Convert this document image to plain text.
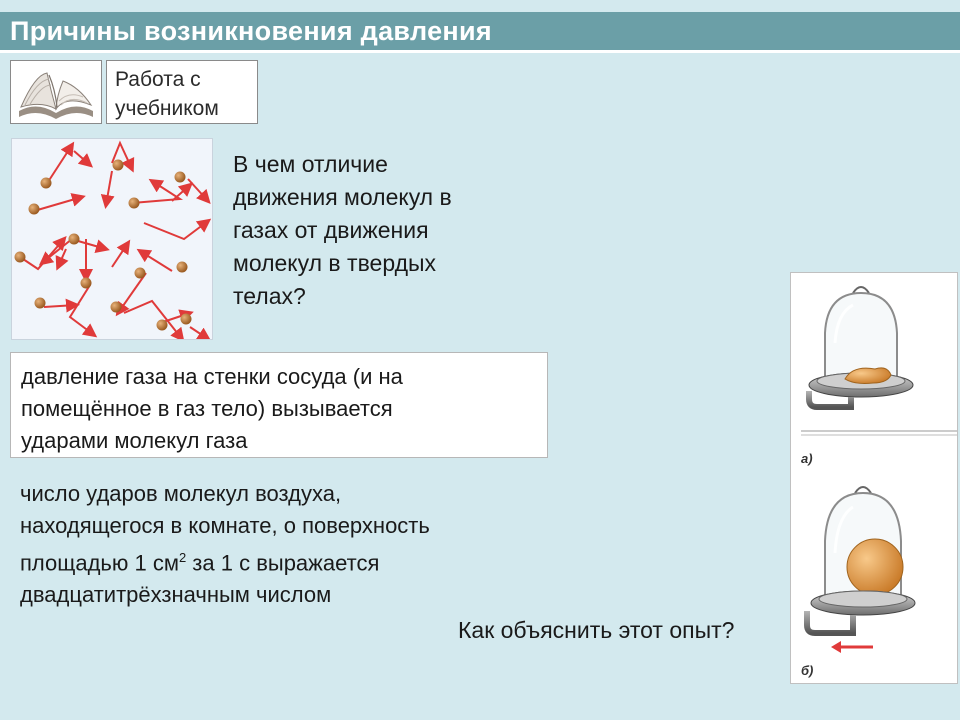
Причины возникновения давления
Работа с
учебником
В чем отличие
движения молекул в
газах от движения
молекул в твердых
телах?
давление газа на стенки сосуда (и на
помещённое в газ тело) вызывается
ударами молекул газа
число ударов молекул воздуха,
находящегося в комнате, о поверхность
площадью 1 $см^2$ за 1 с выражается
двадцатитрёхзначным числом
Как объяснить этот опыт?
а)
б)
